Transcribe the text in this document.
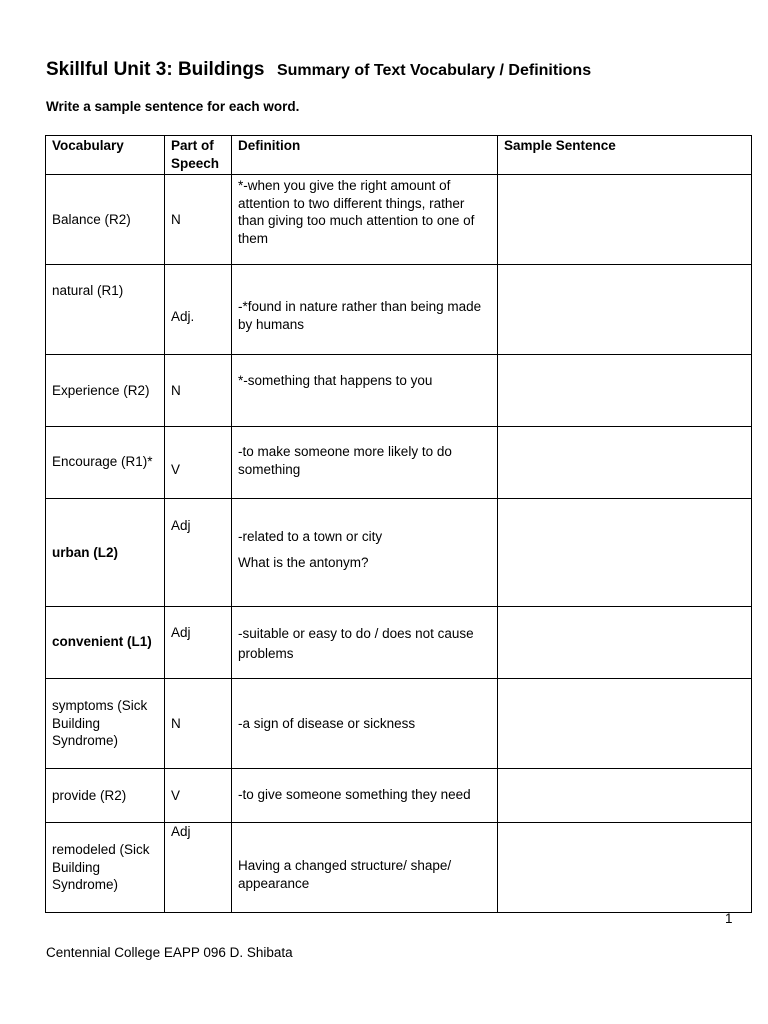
Skillful Unit 3: Buildings Summary of Text Vocabulary / Definitions
Write a sample sentence for each word.
Vocabulary	Part of Speech	Definition	Sample Sentence
Balance (R2)	N	*-when you give the right amount of attention to two different things, rather than giving too much attention to one of them	
natural (R1)	Adj.	-*found in nature rather than being made by humans	
Experience (R2)	N	*-something that happens to you	
Encourage (R1)*	V	-to make someone more likely to do something	
urban (L2)	Adj	-related to a town or city
What is the antonym?	

convenient (L1)	Adj	-suitable or easy to do / does not cause problems	
symptoms (Sick Building Syndrome)	N	-a sign of disease or sickness	
provide (R2)	V	-to give someone something they need	
remodeled (Sick Building Syndrome)	Adj	Having a changed structure/ shape/ appearance	
1
Centennial College EAPP 096 D. Shibata
